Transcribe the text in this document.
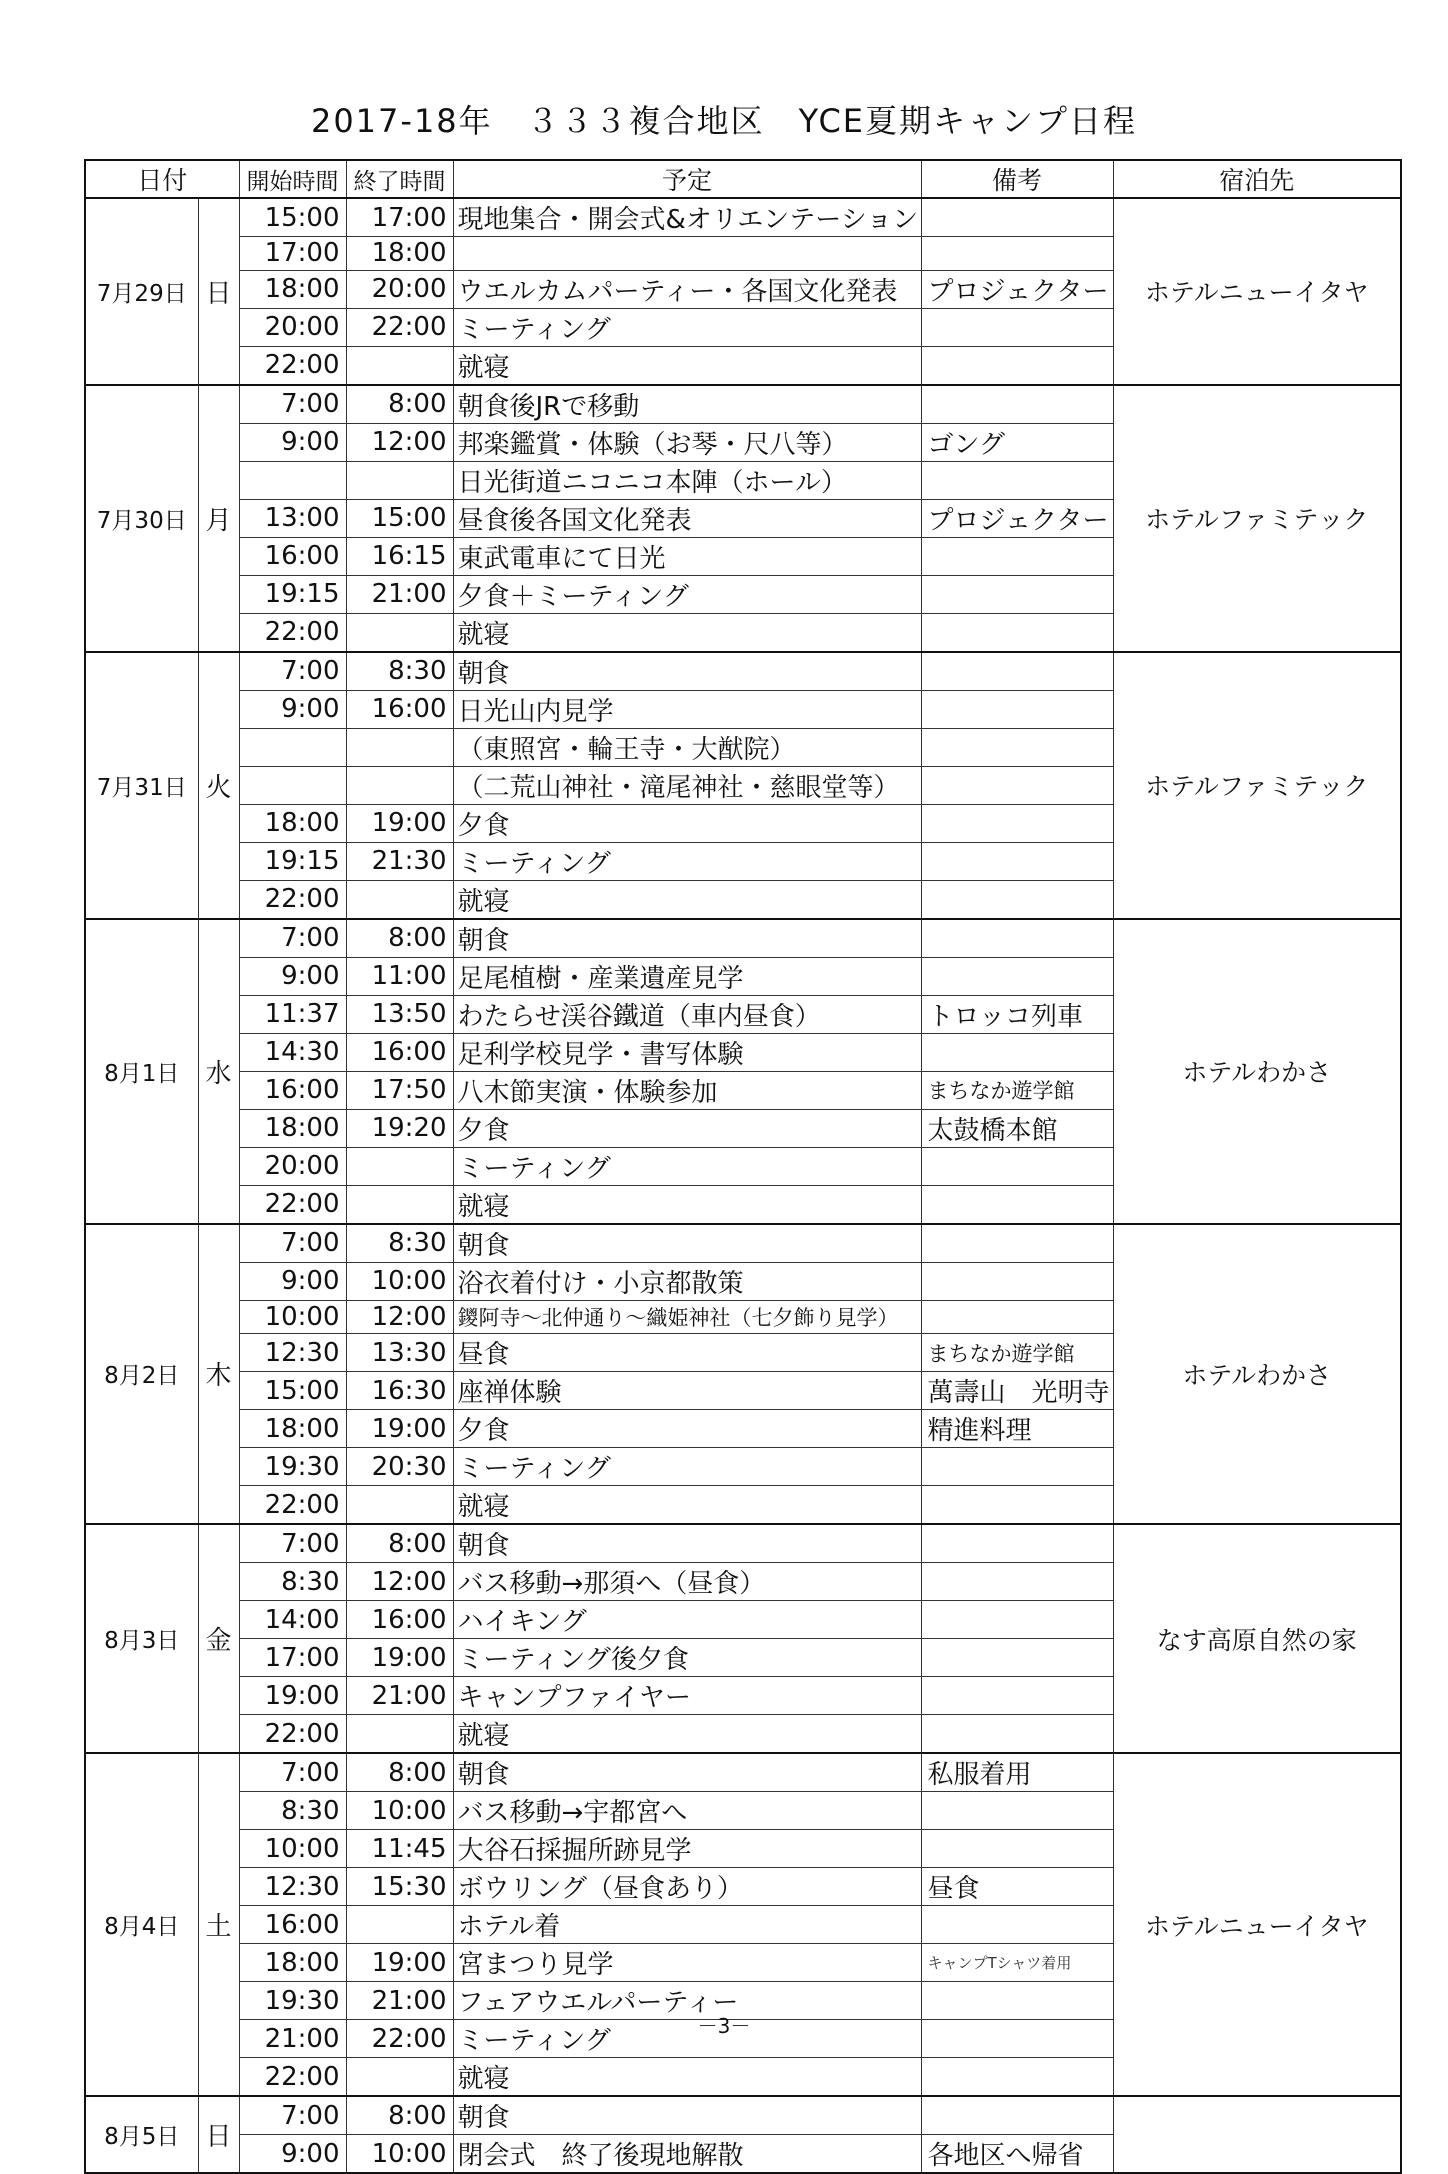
2017-18年　３３３複合地区　YCE夏期キャンプ日程
日付		開始時間	終了時間	予定	備考	宿泊先
7月29日	日	15:00	17:00	現地集合・開会式&オリエンテーション		ホテルニューイタヤ
		17:00	18:00			
		18:00	20:00	ウエルカムパーティー・各国文化発表	プロジェクター	
		20:00	22:00	ミーティング		
		22:00		就寝		
7月30日	月	7:00	8:00	朝食後JRで移動		ホテルファミテック
		9:00	12:00	邦楽鑑賞・体験（お琴・尺八等）	ゴング	
				日光街道ニコニコ本陣（ホール）		
		13:00	15:00	昼食後各国文化発表	プロジェクター	
		16:00	16:15	東武電車にて日光		
		19:15	21:00	夕食＋ミーティング		
		22:00		就寝		
7月31日	火	7:00	8:30	朝食		ホテルファミテック
		9:00	16:00	日光山内見学		
				（東照宮・輪王寺・大猷院）		
				（二荒山神社・滝尾神社・慈眼堂等）		
		18:00	19:00	夕食		
		19:15	21:30	ミーティング		
		22:00		就寝		
8月1日	水	7:00	8:00	朝食		ホテルわかさ
		9:00	11:00	足尾植樹・産業遺産見学		
		11:37	13:50	わたらせ渓谷鐵道（車内昼食）	トロッコ列車	
		14:30	16:00	足利学校見学・書写体験		
		16:00	17:50	八木節実演・体験参加	まちなか遊学館	
		18:00	19:20	夕食	太鼓橋本館	
		20:00		ミーティング		
		22:00		就寝		
8月2日	木	7:00	8:30	朝食		ホテルわかさ
		9:00	10:00	浴衣着付け・小京都散策		
		10:00	12:00	鑁阿寺～北仲通り～織姫神社（七夕飾り見学）		
		12:30	13:30	昼食	まちなか遊学館	
		15:00	16:30	座禅体験	萬壽山　光明寺	
		18:00	19:00	夕食	精進料理	
		19:30	20:30	ミーティング		
		22:00		就寝		
8月3日	金	7:00	8:00	朝食		なす高原自然の家
		8:30	12:00	バス移動→那須へ（昼食）		
		14:00	16:00	ハイキング		
		17:00	19:00	ミーティング後夕食		
		19:00	21:00	キャンプファイヤー		
		22:00		就寝		
8月4日	土	7:00	8:00	朝食	私服着用	ホテルニューイタヤ
		8:30	10:00	バス移動→宇都宮へ		
		10:00	11:45	大谷石採掘所跡見学		
		12:30	15:30	ボウリング（昼食あり）	昼食	
		16:00		ホテル着		
		18:00	19:00	宮まつり見学	キャンプTシャツ着用	
		19:30	21:00	フェアウエルパーティー		
		21:00	22:00	ミーティング		
		22:00		就寝		
8月5日	日	7:00	8:00	朝食		
		9:00	10:00	閉会式　終了後現地解散	各地区へ帰省	
－3－
